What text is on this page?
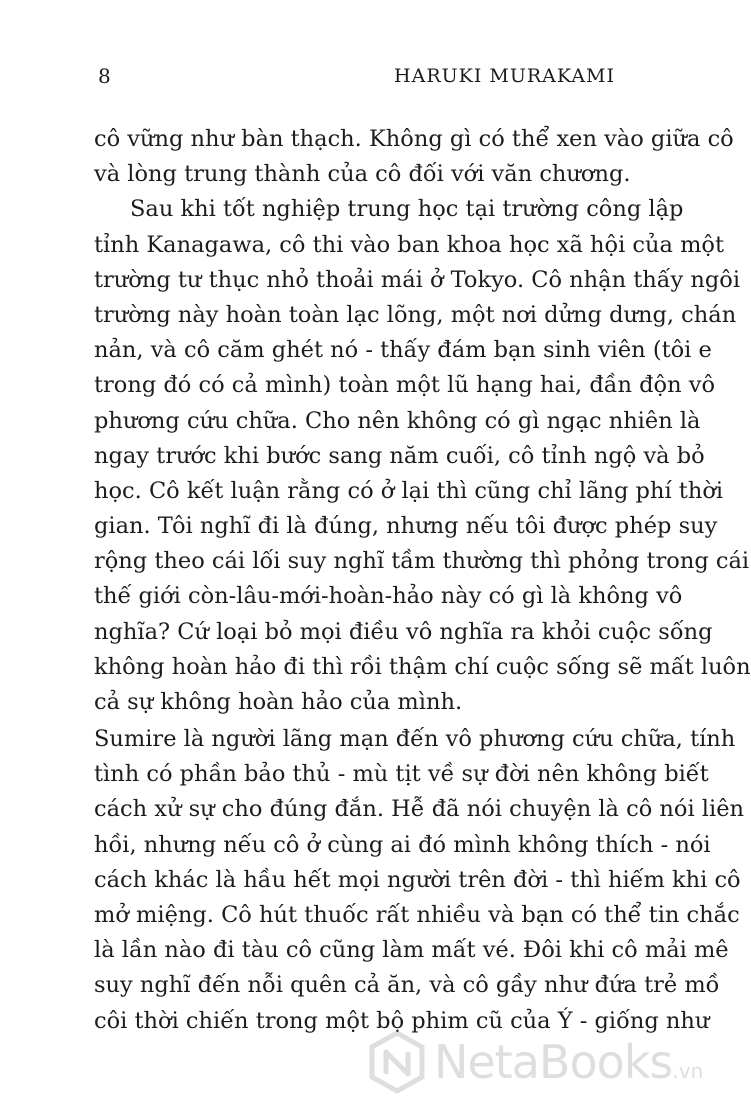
8	HARUKI MURAKAMI
cô vững như bàn thạch. Không gì có thể xen vào giữa cô
và lòng trung thành của cô đối với văn chương.
Sau khi tốt nghiệp trung học tại trường công lập
tỉnh Kanagawa, cô thi vào ban khoa học xã hội của một
trường tư thục nhỏ thoải mái ở Tokyo. Cô nhận thấy ngôi
trường này hoàn toàn lạc lõng, một nơi dửng dưng, chán
nản, và cô căm ghét nó - thấy đám bạn sinh viên (tôi e
trong đó có cả mình) toàn một lũ hạng hai, đần độn vô
phương cứu chữa. Cho nên không có gì ngạc nhiên là
ngay trước khi bước sang năm cuối, cô tỉnh ngộ và bỏ
học. Cô kết luận rằng có ở lại thì cũng chỉ lãng phí thời
gian. Tôi nghĩ đi là đúng, nhưng nếu tôi được phép suy
rộng theo cái lối suy nghĩ tầm thường thì phỏng trong cái
thế giới còn-lâu-mới-hoàn-hảo này có gì là không vô
nghĩa? Cứ loại bỏ mọi điều vô nghĩa ra khỏi cuộc sống
không hoàn hảo đi thì rồi thậm chí cuộc sống sẽ mất luôn
cả sự không hoàn hảo của mình.
Sumire là người lãng mạn đến vô phương cứu chữa, tính
tình có phần bảo thủ - mù tịt về sự đời nên không biết
cách xử sự cho đúng đắn. Hễ đã nói chuyện là cô nói liên
hồi, nhưng nếu cô ở cùng ai đó mình không thích - nói
cách khác là hầu hết mọi người trên đời - thì hiếm khi cô
mở miệng. Cô hút thuốc rất nhiều và bạn có thể tin chắc
là lần nào đi tàu cô cũng làm mất vé. Đôi khi cô mải mê
suy nghĩ đến nỗi quên cả ăn, và cô gầy như đứa trẻ mồ
côi thời chiến trong một bộ phim cũ của Ý - giống như
NetaBooks.vn
